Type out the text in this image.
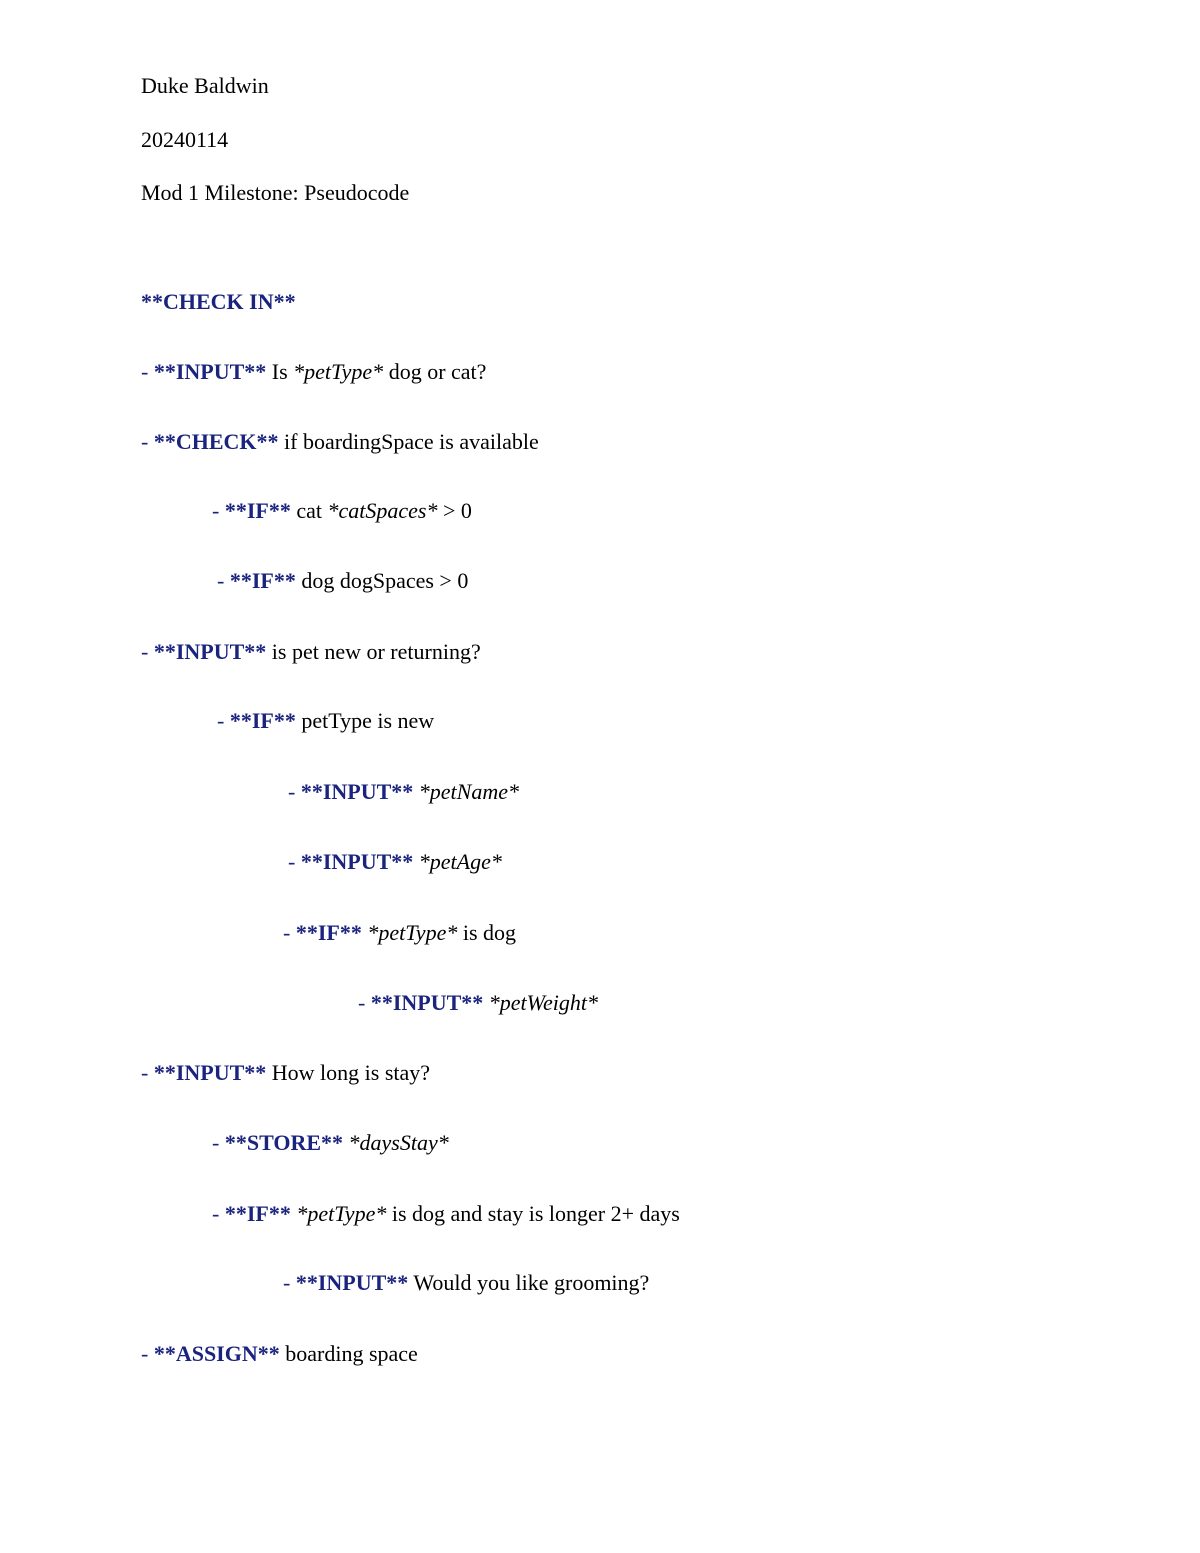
Duke Baldwin
20240114
Mod 1 Milestone: Pseudocode
**CHECK IN**
- **INPUT** Is *petType* dog or cat?
- **CHECK** if boardingSpace is available
- **IF** cat *catSpaces* > 0
- **IF** dog dogSpaces > 0
- **INPUT** is pet new or returning?
- **IF** petType is new
- **INPUT** *petName*
- **INPUT** *petAge*
- **IF** *petType* is dog
- **INPUT** *petWeight*
- **INPUT** How long is stay?
- **STORE** *daysStay*
- **IF** *petType* is dog and stay is longer 2+ days
- **INPUT** Would you like grooming?
- **ASSIGN** boarding space
